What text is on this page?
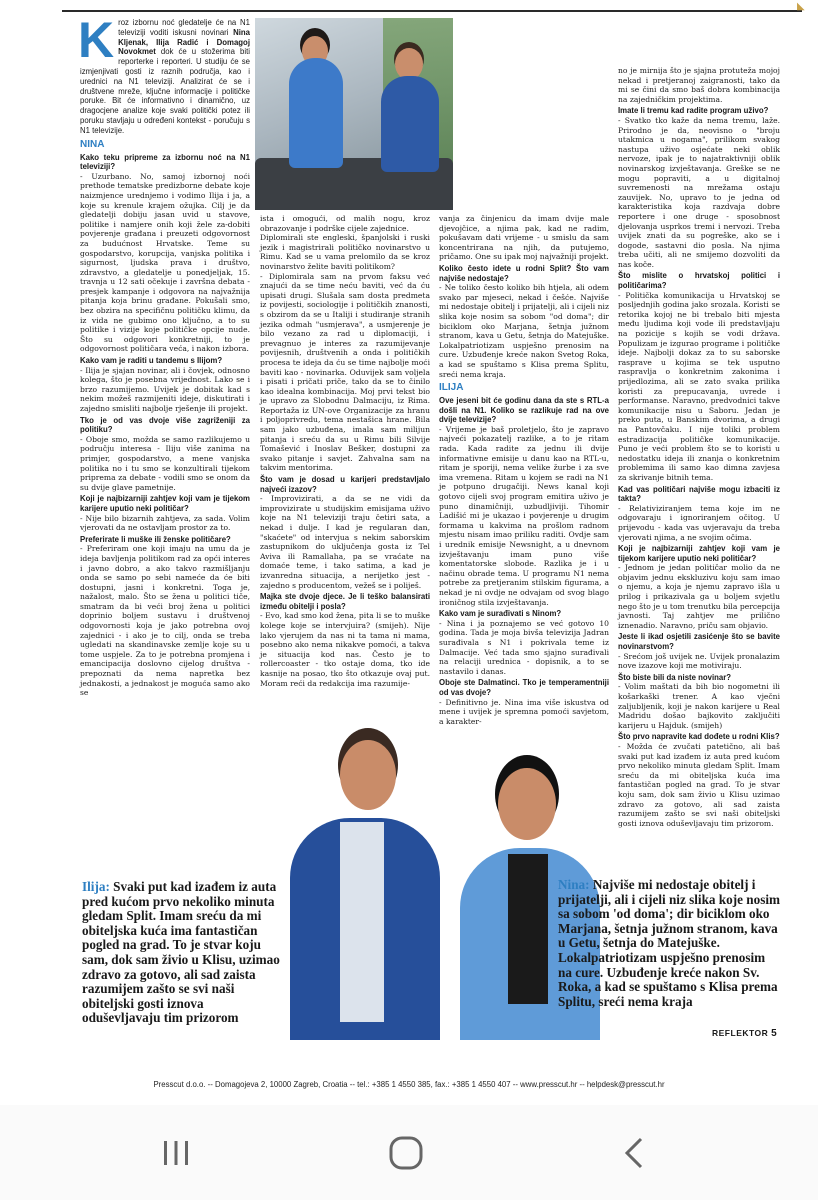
◣

Kroz izbornu noć gledatelje će na N1 televiziji voditi iskusni novinari Nina Kljenak, Ilija Radić i Domagoj Novokmet dok će u stožerima biti reporterke i reporteri. U studiju će se izmjenjivati gosti iz raznih područja, kao i urednici na N1 televiziji. Analizirat će se i društvene mreže, ključne informacije i političke poruke. Bit će informativno i dinamično, uz dragocjene analize koje svaki politički potez ili poruku stavljaju u određeni kontekst - poručuju s N1 televizije.

NINA

Kako teku pripreme za izbornu noć na N1 televiziji?

- Uzurbano. No, samoj izbornoj noći prethode tematske predizborne debate koje naizmjence urednjemo i vodimo Ilija i ja, a koje su krenule krajem ožujka. Cilj je da gledatelji dobiju jasan uvid u stavove, politike i namjere onih koji žele za-dobiti povjerenje građana i preuzeti odgovornost za budućnost Hrvatske. Teme su gospodarstvo, korupcija, vanjska politika i sigurnost, ljudska prava i društvo, zdravstvo, a gledatelje u ponedjeljak, 15. travnja u 12 sati očekuje i završna debata - presjek kampanje i odgovora na najvažnija pitanja koja brinu građane. Pokušali smo, bez obzira na specifičnu političku klimu, da iz vida ne gubimo ono ključno, a to su politike i vizije koje političke opcije nude. Što su odgovori konkretniji, to je odgovornost političara veća, i nakon izbora.

Kako vam je raditi u tandemu s Ilijom?

- Ilija je sjajan novinar, ali i čovjek, odnosno kolega, što je posebna vrijednost. Lako se i brzo razumijemo. Uvijek je dobitak kad s nekim možeš razmijeniti ideje, diskutirati i zajedno smisliti najbolje rješenje ili projekt.

Tko je od vas dvoje više zagriženiji za politiku?

- Oboje smo, možda se samo razlikujemo u području interesa - Iliju više zanima na primjer, gospodarstvo, a mene vanjska politika no i tu smo se konzultirali tijekom priprema za debate - vodili smo se onom da su dvije glave pametnije.

Koji je najbizarniji zahtjev koji vam je tijekom karijere uputio neki političar?

- Nije bilo bizarnih zahtjeva, za sada. Volim vjerovati da ne ostavljam prostor za to.

Preferirate li muške ili ženske političare?

- Preferiram one koji imaju na umu da je ideja bavljenja politikom rad za opći interes i javno dobro, a ako takvo razmišljanju onda se samo po sebi nameće da će biti dostupni, jasni i konkretni. Toga je, nažalost, malo. Što se žena u politici tiče, smatram da bi veći broj žena u politici doprinio boljem sustavu i društvenoj odgovornosti koja je jako potrebna ovoj zajednici - i ako je to cilj, onda se treba ugledati na skandinavske zemlje koje su u tome uspjele. Za to je potrebna promjena i emancipacija doslovno cijelog društva - prepoznati da nema napretka bez jednakosti, a jednakost je moguća samo ako se

ista i omogući, od malih nogu, kroz obrazovanje i podrške cijele zajednice.

Diplomirali ste engleski, španjolski i ruski jezik i magistrirali političko novinarstvo u Rimu. Kad se u vama prelomilo da se kroz novinarstvo želite baviti politikom?

- Diplomirala sam na prvom faksu već znajući da se time neću baviti, već da ću upisati drugi. Slušala sam dosta predmeta iz povijesti, sociologije i političkih znanosti, s obzirom da se u Italiji i studiranje stranih jezika odmah "usmjerava", a usmjerenje je bilo vezano za rad u diplomaciji, i prevagnuo je interes za razumijevanje povijesnih, društvenih a onda i političkih procesa te ideja da ću se time najbolje moći baviti kao - novinarka. Oduvijek sam voljela i pisati i pričati priče, tako da se to činilo kao idealna kombinacija. Moj prvi tekst bio je upravo za Slobodnu Dalmaciju, iz Rima. Reportaža iz UN-ove Organizacije za hranu i poljoprivredu, tema nestašica hrane. Bila sam jako uzbuđena, imala sam milijun pitanja i sreću da su u Rimu bili Silvije Tomašević i Inoslav Bešker, dostupni za svako pitanje i savjet. Zahvalna sam na takvim mentorima.

Što vam je dosad u karijeri predstavljalo najveći izazov?

- Improvizirati, a da se ne vidi da improvizirate u studijskim emisijama uživo koje na N1 televiziji traju četiri sata, a nekad i dulje. I kad je regularan dan, "skaćete" od intervjua s nekim saborskim zastupnikom do uključenja gosta iz Tel Aviva ili Ramallaha, pa se vraćate na domaće teme, i tako satima, a kad je izvanredna situacija, a nerijetko jest - zajedno s producentom, vežeš se i poliješ.

Majka ste dvoje djece. Je li teško balansirati između obitelji i posla?

- Evo, kad smo kod žena, pita li se to muške kolege koje se intervjuira? (smijeh). Nije lako vjerujem da nas ni ta tama ni mama, posebno ako nema nikakve pomoći, a takva je situacija kod nas. Često je to rollercoaster - tko ostaje doma, tko ide kasnije na posao, tko što otkazuje ovaj put. Moram reći da redakcija ima razumije-

vanja za činjenicu da imam dvije male djevojčice, a njima pak, kad ne radim, pokušavam dati vrijeme - u smislu da sam koncentrirana na njih, da putujemo, pričamo. One su ipak moj najvažniji projekt.

Koliko često idete u rodni Split? Što vam najviše nedostaje?

- Ne toliko često koliko bih htjela, ali odem svako par mjeseci, nekad i češće. Najviše mi nedostaje obitelj i prijatelji, ali i cijeli niz slika koje nosim sa sobom "od doma"; dir biciklom oko Marjana, šetnja južnom stranom, kava u Getu, šetnja do Matejuške. Lokalpatriotizam uspješno prenosim na cure. Uzbuđenje kreće nakon Svetog Roka, a kad se spuštamo s Klisa prema Splitu, sreći nema kraja.

ILIJA

Ove jeseni bit će godinu dana da ste s RTL-a došli na N1. Koliko se razlikuje rad na ove dvije televizije?

- Vrijeme je baš proletjelo, što je zapravo najveći pokazatelj razlike, a to je ritam rada. Kada radite za jednu ili dvije informativne emisije u danu kao na RTL-u, ritam je sporiji, nema velike žurbe i za sve ima vremena. Ritam u kojem se radi na N1 je potpuno drugačiji. News kanal koji gotovo cijeli svoj program emitira uživo je puno dinamičniji, uzbudljiviji. Tihomir Ladišić mi je ukazao i povjerenje u drugim formama u kakvima na prošlom radnom mjestu nisam imao priliku raditi. Ovdje sam i urednik emisije Newsnight, a u dnevnom izvještavanju imam puno više komentatorske slobode. Razlika je i u načinu obrade tema. U programu N1 nema potrebe za pretjeranim stilskim figurama, a nekad je ni ovdje ne odvajam od svog blago ironičnog stila izvještavanja.

Kako vam je surađivati s Ninom?

- Nina i ja poznajemo se već gotovo 10 godina. Tada je moja bivša televizija Jadran surađivala s N1 i pokrivala teme iz Dalmacije. Već tada smo sjajno surađivali na relaciji urednica - dopisnik, a to se nastavilo i danas.

Oboje ste Dalmatinci. Tko je temperamentniji od vas dvoje?

- Definitivno je. Nina ima više iskustva od mene i uvijek je spremna pomoći savjetom, a karakter-

no je mirnija što je sjajna protuteža mojoj nekad i pretjeranoj zaigranosti, tako da mi se čini da smo baš dobra kombinacija na zajedničkim projektima.

Imate li tremu kad radite program uživo?

- Svatko tko kaže da nema tremu, laže. Prirodno je da, neovisno o "broju utakmica u nogama", prilikom svakog nastupa uživo osjećate neki oblik nervoze, ipak je to najatraktivniji oblik novinarskog izvještavanja. Greške se ne mogu popraviti, a u digitalnoj suvremenosti na mrežama ostaju zauvijek. No, upravo to je jedna od karakteristika koja razdvaja dobre reportere i one druge - sposobnost djelovanja usprkos tremi i nervozi. Treba uvijek znati da su pogreške, ako se i dogode, sastavni dio posla. Na njima treba učiti, ali ne smijemo dozvoliti da nas koče.

Što mislite o hrvatskoj politici i političarima?

- Politička komunikacija u Hrvatskoj se posljednjih godina jako srozala. Koristi se retorika kojoj ne bi trebalo biti mjesta među ljudima koji vode ili predstavljaju na pozicije s kojih se vodi država. Populizam je izgurao programe i političke ideje. Najbolji dokaz za to su saborske rasprave u kojima se tek usputno raspravlja o konkretnim zakonima i prijedlozima, ali se zato svaka prilika koristi za prepucavanja, uvrede i performanse. Naravno, predvodnici takve komunikacije nisu u Saboru. Jedan je preko puta, u Banskim dvorima, a drugi na Pantovčaku. I nije toliki problem estradizacija političke komunikacije. Puno je veći problem što se to koristi u nedostatku ideja ili znanja o konkretnim problemima ili samo kao dimna zavjesa za skrivanje bitnih tema.

Kad vas političari najviše mogu izbaciti iz takta?

- Relativiziranjem tema koje im ne odgovaraju i ignoriranjem očitog. U prijevodu - kada vas uvjeravaju da treba vjerovati njima, a ne svojim očima.

Koji je najbizarniji zahtjev koji vam je tijekom karijere uputio neki političar?

- Jednom je jedan političar molio da ne objavim jednu ekskluzivu koju sam imao o njemu, a koja je njemu zapravo išla u prilog i prikazivala ga u boljem svjetlu nego što je u tom trenutku bila percepcija javnosti. Taj zahtjev me prilično iznenadio. Naravno, priču sam objavio.

Jeste li ikad osjetili zasićenje što se bavite novinarstvom?

- Srećom još uvijek ne. Uvijek pronalazim nove izazove koji me motiviraju.

Što biste bili da niste novinar?

- Volim maštati da bih bio nogometni ili košarkaški trener. A kao vječni zaljubljenik, koji je nakon karijere u Real Madridu došao bajkovito zaključiti karijeru u Hajduk. (smijeh)

Što prvo napravite kad dođete u rodni Klis?

- Možda će zvučati patetično, ali baš svaki put kad izađem iz auta pred kućom prvo nekoliko minuta gledam Split. Imam sreću da mi obiteljska kuća ima fantastičan pogled na grad. To je stvar koju sam, dok sam živio u Klisu uzimao zdravo za gotovo, ali sad zaista razumijem zašto se svi naši obiteljski gosti iznova oduševljavaju tim prizorom.

Ilija: Svaki put kad izađem iz auta pred kućom prvo nekoliko minuta gledam Split. Imam sreću da mi obiteljska kuća ima fantastičan pogled na grad. To je stvar koju sam, dok sam živio u Klisu, uzimao zdravo za gotovo, ali sad zaista razumijem zašto se svi naši obiteljski gosti iznova oduševljavaju tim prizorom
Nina: Najviše mi nedostaje obitelj i prijatelji, ali i cijeli niz slika koje nosim sa sobom 'od doma'; dir biciklom oko Marjana, šetnja južnom stranom, kava u Getu, šetnja do Matejuške. Lokalpatriotizam uspješno prenosim na cure. Uzbuđenje kreće nakon Sv. Roka, a kad se spuštamo s Klisa prema Splitu, sreći nema kraja
REFLEKTOR 5
Presscut d.o.o. -- Domagojeva 2, 10000 Zagreb, Croatia -- tel.: +385 1 4550 385, fax.: +385 1 4550 407 -- www.presscut.hr -- helpdesk@presscut.hr
